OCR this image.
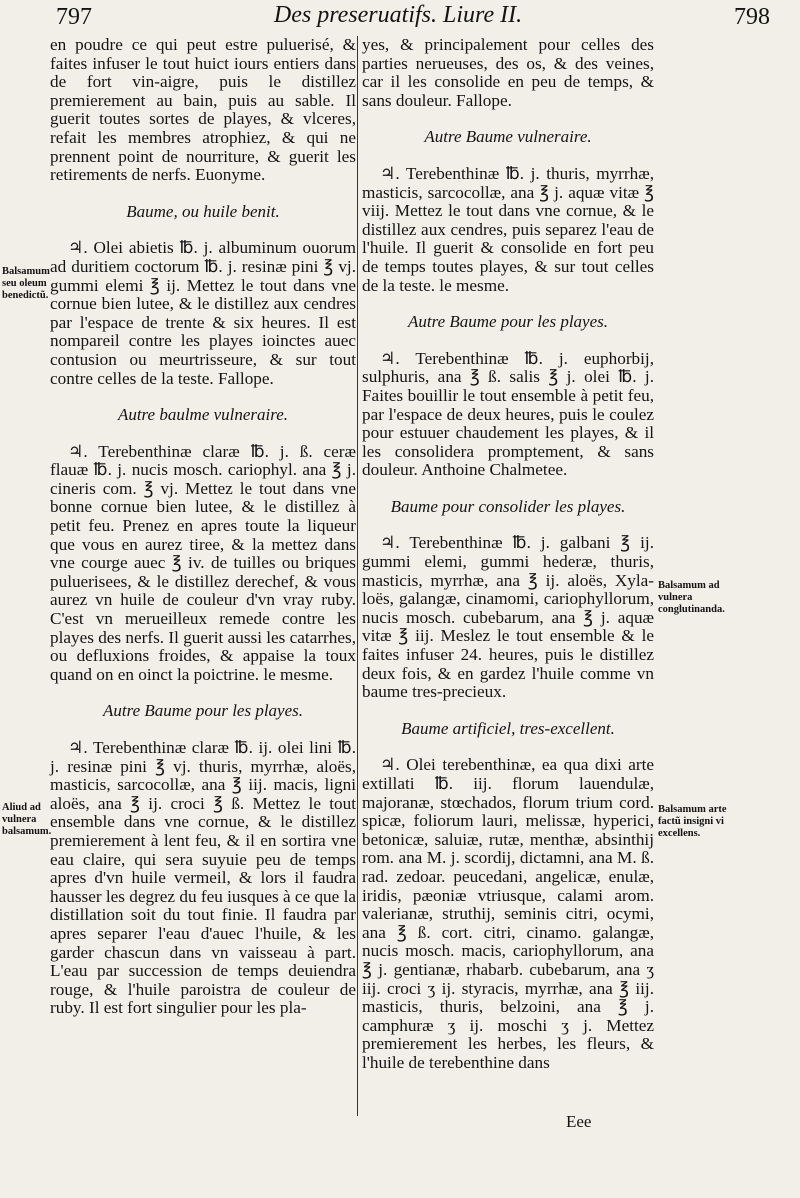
797	Des preseruatifs. Liure II.	798

en poudre ce qui peut estre puluerisé, & faites infuser le tout huict iours entiers dans de fort vin-aigre, puis le distillez premierement au bain, puis au sable. Il guerit toutes sortes de playes, & vlceres, refait les membres atrophiez, & qui ne prennent point de nourriture, & guerit les retirements de nerfs. Euonyme.

Baume, ou huile benit.

♃. Olei abietis ℔. j. albuminum ouorum ad duritiem coctorum ℔. j. resinæ pini ℥ vj. gummi elemi ℥ ij. Mettez le tout dans vne cornue bien lutee, & le distillez aux cendres par l'espace de trente & six heures. Il est nompareil contre les playes ioinctes auec contusion ou meurtrisseure, & sur tout contre celles de la teste. Fallope.

Autre baulme vulneraire.

♃. Terebenthinæ claræ ℔. j. ß. ceræ flauæ ℔. j. nucis mosch. cariophyl. ana ℥ j. cineris com. ℥ vj. Mettez le tout dans vne bonne cornue bien lutee, & le distillez à petit feu. Prenez en apres toute la liqueur que vous en aurez tiree, & la mettez dans vne courge auec ℥ iv. de tuilles ou briques puluerisees, & le distillez derechef, & vous aurez vn huile de couleur d'vn vray ruby. C'est vn merueilleux remede contre les playes des nerfs. Il guerit aussi les catarrhes, ou defluxions froides, & appaise la toux quand on en oinct la poictrine. le mesme.

Autre Baume pour les playes.

♃. Terebenthinæ claræ ℔. ij. olei lini ℔. j. resinæ pini ℥ vj. thuris, myrrhæ, aloës, masticis, sarcocollæ, ana ℥ iij. macis, ligni aloës, ana ℥ ij. croci ℥ ß. Mettez le tout ensemble dans vne cornue, & le distillez premierement à lent feu, & il en sortira vne eau claire, qui sera suyuie peu de temps apres d'vn huile vermeil, & lors il faudra hausser les degrez du feu iusques à ce que la distillation soit du tout finie. Il faudra par apres separer l'eau d'auec l'huile, & les garder chascun dans vn vaisseau à part. L'eau par succession de temps deuiendra rouge, & l'huile paroistra de couleur de ruby. Il est fort singulier pour les pla-

yes, & principalement pour celles des parties nerueuses, des os, & des veines, car il les consolide en peu de temps, & sans douleur. Fallope.

Autre Baume vulneraire.

♃. Terebenthinæ ℔. j. thuris, myrrhæ, masticis, sarcocollæ, ana ℥ j. aquæ vitæ ℥ viij. Mettez le tout dans vne cornue, & le distillez aux cendres, puis separez l'eau de l'huile. Il guerit & consolide en fort peu de temps toutes playes, & sur tout celles de la teste. le mesme.

Autre Baume pour les playes.

♃. Terebenthinæ ℔. j. euphorbij, sulphuris, ana ℥ ß. salis ℥ j. olei ℔. j. Faites bouillir le tout ensemble à petit feu, par l'espace de deux heures, puis le coulez pour estuuer chaudement les playes, & il les consolidera promptement, & sans douleur. Anthoine Chalmetee.

Baume pour consolider les playes.

♃. Terebenthinæ ℔. j. galbani ℥ ij. gummi elemi, gummi hederæ, thuris, masticis, myrrhæ, ana ℥ ij. aloës, Xyla-loës, galangæ, cinamomi, cariophyllorum, nucis mosch. cubebarum, ana ℥ j. aquæ vitæ ℥ iij. Meslez le tout ensemble & le faites infuser 24. heures, puis le distillez deux fois, & en gardez l'huile comme vn baume tres-precieux.

Baume artificiel, tres-excellent.

♃. Olei terebenthinæ, ea qua dixi arte extillati ℔. iij. florum lauendulæ, majoranæ, stœchados, florum trium cord. spicæ, foliorum lauri, melissæ, hyperici, betonicæ, saluiæ, rutæ, menthæ, absinthij rom. ana M. j. scordij, dictamni, ana M. ß. rad. zedoar. peucedani, angelicæ, enulæ, iridis, pæoniæ vtriusque, calami arom. valerianæ, struthij, seminis citri, ocymi, ana ℥ ß. cort. citri, cinamo. galangæ, nucis mosch. macis, cariophyllorum, ana ℥ j. gentianæ, rhabarb. cubebarum, ana ʒ iij. croci ʒ ij. styracis, myrrhæ, ana ℥ iij. masticis, thuris, belzoini, ana ℥ j. camphuræ ʒ ij. moschi ʒ j. Mettez premierement les herbes, les fleurs, & l'huile de terebenthine dans

Balsamum seu oleum benedictũ.
Aliud ad vulnera balsamum.
Balsamum ad vulnera conglutinanda.
Balsamum arte factũ insigni vi excellens.
Eee
